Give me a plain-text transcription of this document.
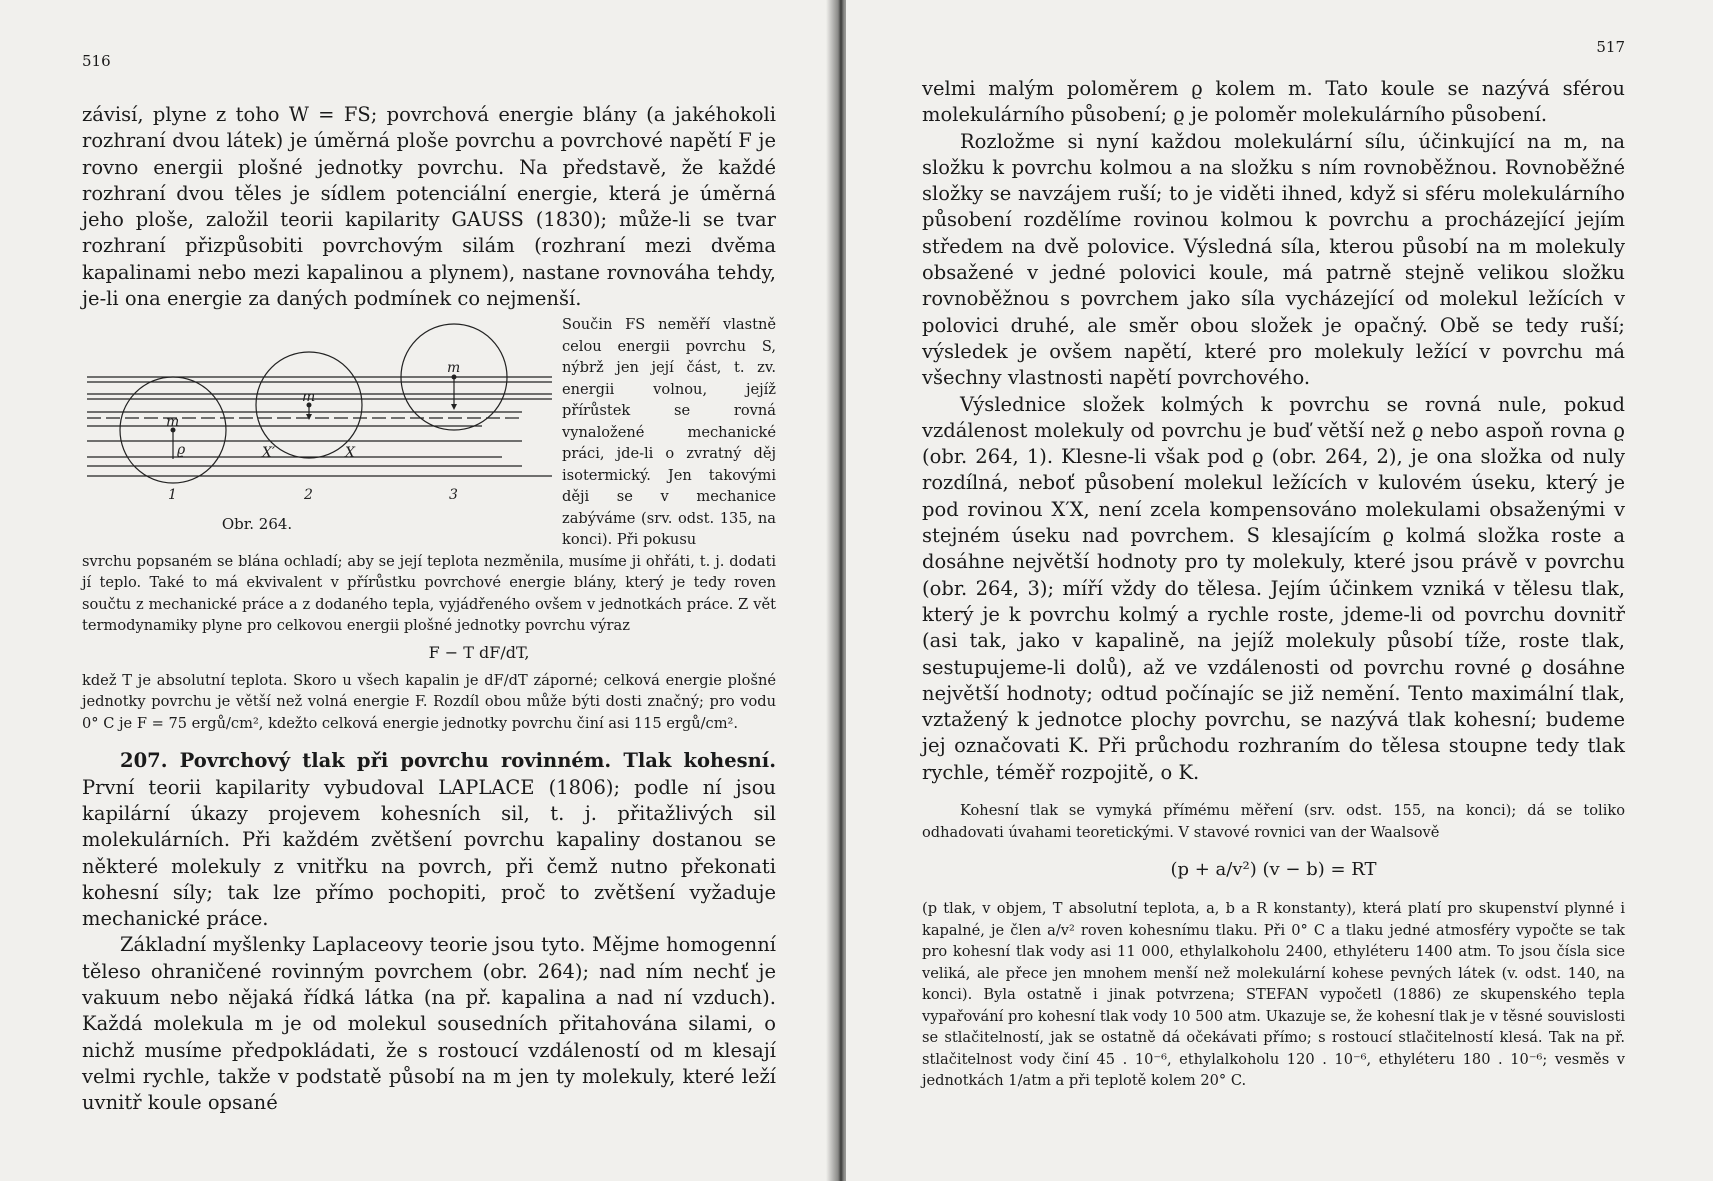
516

závisí, plyne z toho W = FS; povrchová energie blány (a jakéhokoli rozhraní dvou látek) je úměrná ploše povrchu a povrchové napětí F je rovno energii plošné jednotky povrchu. Na představě, že každé rozhraní dvou těles je sídlem potenciální energie, která je úměrná jeho ploše, založil teorii kapilarity GAUSS (1830); může-li se tvar rozhraní přizpůsobiti povrchovým silám (rozhraní mezi dvěma kapalinami nebo mezi kapalinou a plynem), nastane rovnováha tehdy, je-li ona energie za daných podmínek co nejmenší.

m
m
m
ϱ	X′	X
1	2	3

Obr. 264.

Součin FS neměří vlastně celou energii povrchu S, nýbrž jen její část, t. zv. energii volnou, jejíž přírůstek se rovná vynaložené mechanické práci, jde-li o zvratný děj isotermický. Jen takovými ději se v mechanice zabýváme (srv. odst. 135, na konci). Při pokusu

svrchu popsaném se blána ochladí; aby se její teplota nezměnila, musíme ji ohřáti, t. j. dodati jí teplo. Také to má ekvivalent v přírůstku povrchové energie blány, který je tedy roven součtu z mechanické práce a z dodaného tepla, vyjádřeného ovšem v jednotkách práce. Z vět termodynamiky plyne pro celkovou energii plošné jednotky povrchu výraz

F − T dF/dT,

kdež T je absolutní teplota. Skoro u všech kapalin je dF/dT záporné; celková energie plošné jednotky povrchu je větší než volná energie F. Rozdíl obou může býti dosti značný; pro vodu 0° C je F = 75 ergů/cm², kdežto celková energie jednotky povrchu činí asi 115 ergů/cm².

207. Povrchový tlak při povrchu rovinném. Tlak kohesní. První teorii kapilarity vybudoval LAPLACE (1806); podle ní jsou kapilární úkazy projevem kohesních sil, t. j. přitažlivých sil molekulárních. Při každém zvětšení povrchu kapaliny dostanou se některé molekuly z vnitřku na povrch, při čemž nutno překonati kohesní síly; tak lze přímo pochopiti, proč to zvětšení vyžaduje mechanické práce.

Základní myšlenky Laplaceovy teorie jsou tyto. Mějme homogenní těleso ohraničené rovinným povrchem (obr. 264); nad ním nechť je vakuum nebo nějaká řídká látka (na př. kapalina a nad ní vzduch). Každá molekula m je od molekul sousedních přitahována silami, o nichž musíme předpokládati, že s rostoucí vzdáleností od m klesají velmi rychle, takže v podstatě působí na m jen ty molekuly, které leží uvnitř koule opsané

517

velmi malým poloměrem ϱ kolem m. Tato koule se nazývá sférou molekulárního působení; ϱ je poloměr molekulárního působení.

Rozložme si nyní každou molekulární sílu, účinkující na m, na složku k povrchu kolmou a na složku s ním rovnoběžnou. Rovnoběžné složky se navzájem ruší; to je viděti ihned, když si sféru molekulárního působení rozdělíme rovinou kolmou k povrchu a procházející jejím středem na dvě polovice. Výsledná síla, kterou působí na m molekuly obsažené v jedné polovici koule, má patrně stejně velikou složku rovnoběžnou s povrchem jako síla vycházející od molekul ležících v polovici druhé, ale směr obou složek je opačný. Obě se tedy ruší; výsledek je ovšem napětí, které pro molekuly ležící v povrchu má všechny vlastnosti napětí povrchového.

Výslednice složek kolmých k povrchu se rovná nule, pokud vzdálenost molekuly od povrchu je buď větší než ϱ nebo aspoň rovna ϱ (obr. 264, 1). Klesne-li však pod ϱ (obr. 264, 2), je ona složka od nuly rozdílná, neboť působení molekul ležících v kulovém úseku, který je pod rovinou X′X, není zcela kompensováno molekulami obsaženými v stejném úseku nad povrchem. S klesajícím ϱ kolmá složka roste a dosáhne největší hodnoty pro ty molekuly, které jsou právě v povrchu (obr. 264, 3); míří vždy do tělesa. Jejím účinkem vzniká v tělesu tlak, který je k povrchu kolmý a rychle roste, jdeme-li od povrchu dovnitř (asi tak, jako v kapalině, na jejíž molekuly působí tíže, roste tlak, sestupujeme-li dolů), až ve vzdálenosti od povrchu rovné ϱ dosáhne největší hodnoty; odtud počínajíc se již nemění. Tento maximální tlak, vztažený k jednotce plochy povrchu, se nazývá tlak kohesní; budeme jej označovati K. Při průchodu rozhraním do tělesa stoupne tedy tlak rychle, téměř rozpojitě, o K.

Kohesní tlak se vymyká přímému měření (srv. odst. 155, na konci); dá se toliko odhadovati úvahami teoretickými. V stavové rovnici van der Waalsově

(p + a/v²) (v − b) = RT

(p tlak, v objem, T absolutní teplota, a, b a R konstanty), která platí pro skupenství plynné i kapalné, je člen a/v² roven kohesnímu tlaku. Při 0° C a tlaku jedné atmosféry vypočte se tak pro kohesní tlak vody asi 11 000, ethylalkoholu 2400, ethyléteru 1400 atm. To jsou čísla sice veliká, ale přece jen mnohem menší než molekulární kohese pevných látek (v. odst. 140, na konci). Byla ostatně i jinak potvrzena; STEFAN vypočetl (1886) ze skupenského tepla vypařování pro kohesní tlak vody 10 500 atm. Ukazuje se, že kohesní tlak je v těsné souvislosti se stlačitelností, jak se ostatně dá očekávati přímo; s rostoucí stlačitelností klesá. Tak na př. stlačitelnost vody činí 45 . 10⁻⁶, ethylalkoholu 120 . 10⁻⁶, ethyléteru 180 . 10⁻⁶; vesměs v jednotkách 1/atm a při teplotě kolem 20° C.
